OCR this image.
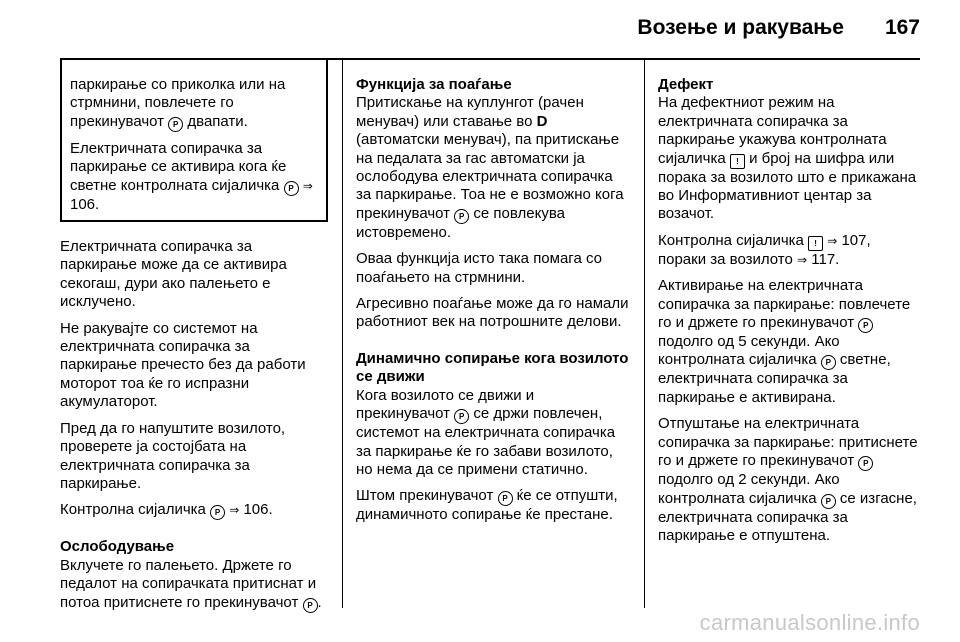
Возење и ракување 167

паркирање со приколка или на стрмнини, повлечете го прекинувачот P двапати.

Електричната сопирачка за паркирање се активира кога ќе светне контролната сијаличка P ⇒ 106.

Електричната сопирачка за паркирање може да се активира секогаш, дури ако палењето е исклучено.

Не ракувајте со системот на електричната сопирачка за паркирање пречесто без да работи моторот тоа ќе го испразни акумулаторот.

Пред да го напуштите возилото, проверете ја состојбата на електричната сопирачка за паркирање.

Контролна сијаличка P ⇒ 106.

Ослободување

Вклучете го палењето. Држете го педалот на сопирачката притиснат и потоа притиснете го прекинувачот P .

Функција за поаѓање

Притискање на куплунгот (рачен менувач) или ставање во D (автоматски менувач), па притискање на педалата за гас автоматски ја ослободува електричната сопирачка за паркирање. Тоа не е возможно кога прекинувачот P се повлекува истовремено.

Оваа функција исто така помага со поаѓањето на стрмнини.

Агресивно поаѓање може да го намали работниот век на потрошните делови.

Динамично сопирање кога возилото се движи

Кога возилото се движи и прекинувачот P се држи повлечен, системот на електричната сопирачка за паркирање ќе го забави возилото, но нема да се примени статично.

Штом прекинувачот P ќе се отпушти, динамичното сопирање ќе престане.

Дефект

На дефектниот режим на електричната сопирачка за паркирање укажува контролната сијаличка ! и број на шифра или порака за возилото што е прикажана во Информативниот центар за возачот.

Контролна сијаличка ! ⇒ 107, пораки за возилото ⇒ 117.

Активирање на електричната сопирачка за паркирање: повлечете го и држете го прекинувачот P подолго од 5 секунди. Ако контролната сијаличка P светне, електричната сопирачка за паркирање е активирана.

Отпуштање на електричната сопирачка за паркирање: притиснете го и држете го прекинувачот P подолго од 2 секунди. Ако контролната сијаличка P се изгасне, електричната сопирачка за паркирање е отпуштена.

carmanualsonline.info
